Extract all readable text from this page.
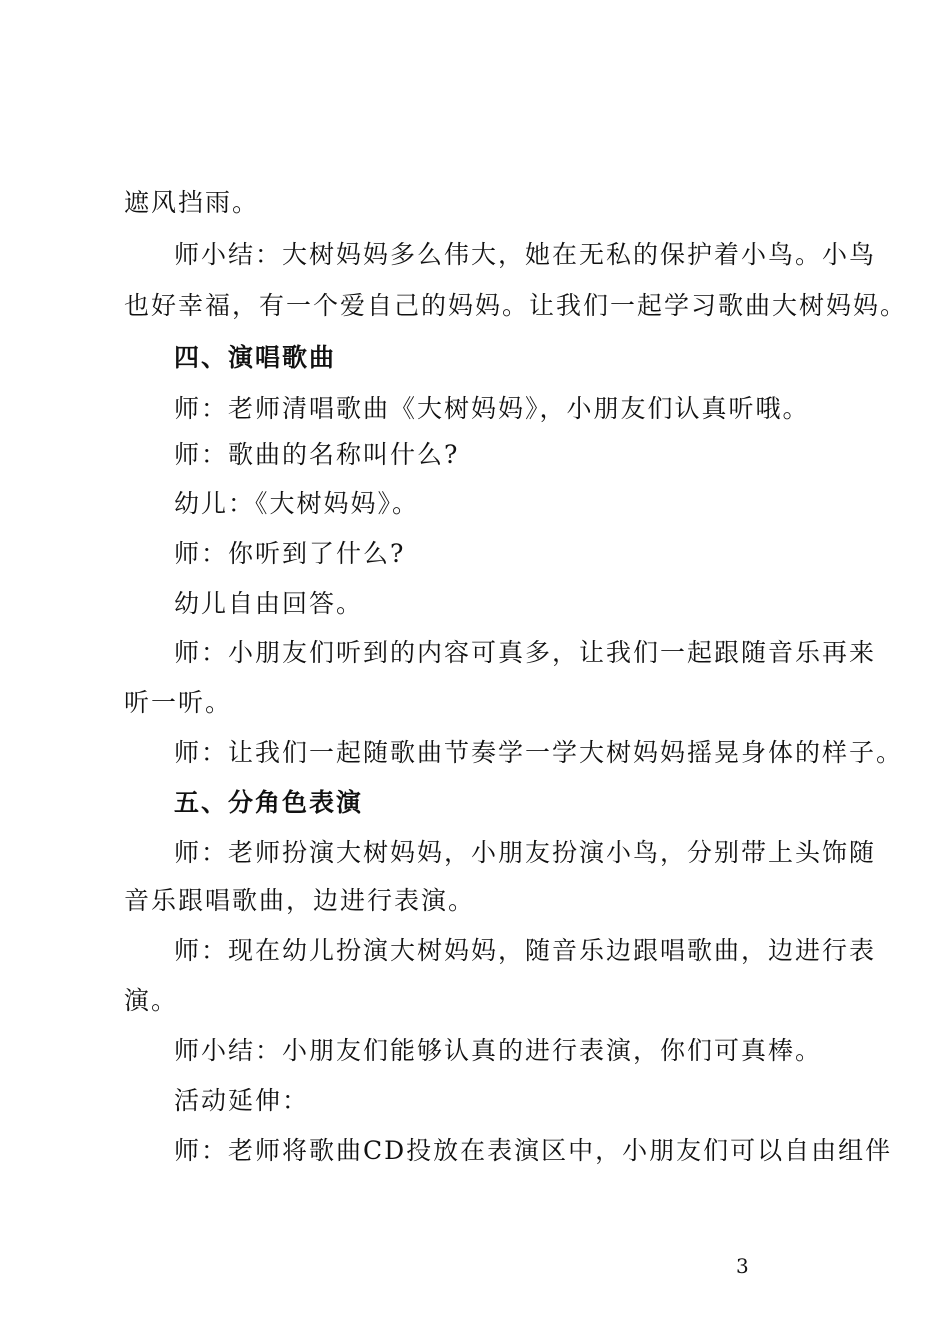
遮风挡雨。
师小结：大树妈妈多么伟大，她在无私的保护着小鸟。小鸟
也好幸福，有一个爱自己的妈妈。让我们一起学习歌曲大树妈妈。
四、演唱歌曲
师：老师清唱歌曲《大树妈妈》，小朋友们认真听哦。
师：歌曲的名称叫什么?
幼儿：《大树妈妈》。
师：你听到了什么?
幼儿自由回答。
师：小朋友们听到的内容可真多，让我们一起跟随音乐再来
听一听。
师：让我们一起随歌曲节奏学一学大树妈妈摇晃身体的样子。
五、分角色表演
师：老师扮演大树妈妈，小朋友扮演小鸟，分别带上头饰随
音乐跟唱歌曲，边进行表演。
师：现在幼儿扮演大树妈妈，随音乐边跟唱歌曲，边进行表
演。
师小结：小朋友们能够认真的进行表演，你们可真棒。
活动延伸：
师：老师将歌曲CD投放在表演区中，小朋友们可以自由组伴
3
